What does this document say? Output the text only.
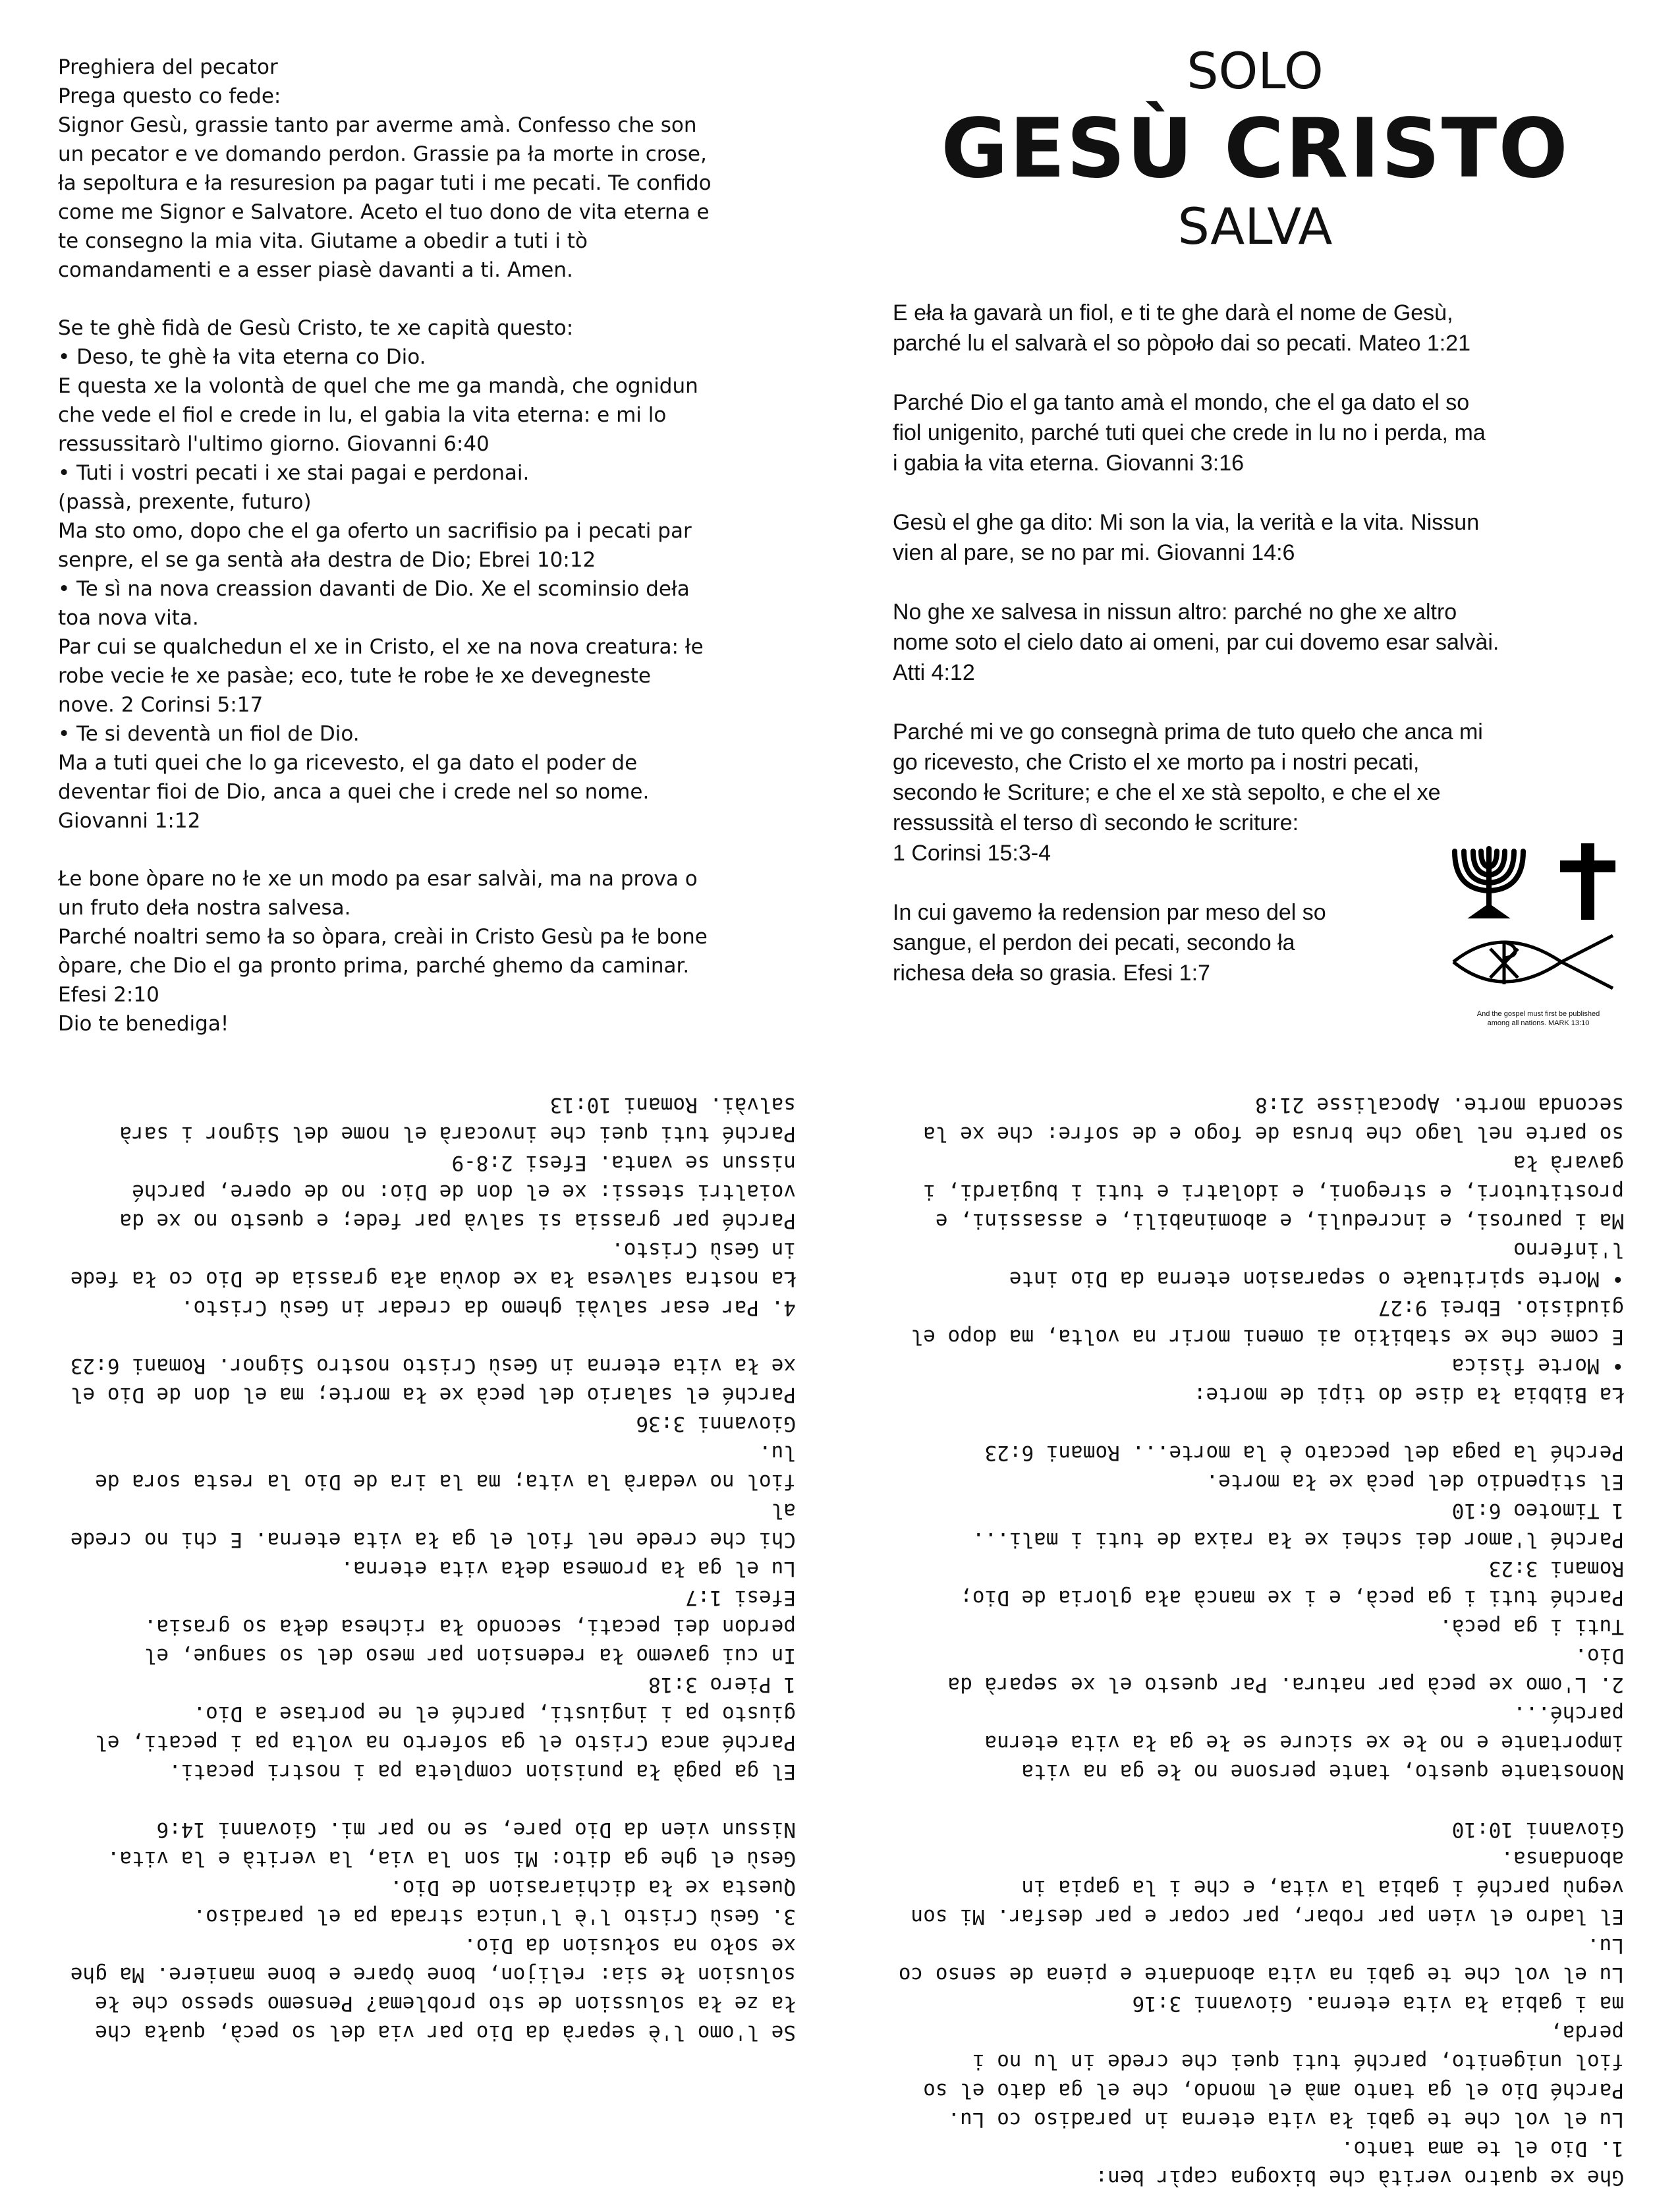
Preghiera del pecator
Prega questo co fede:
Signor Gesù, grassie tanto par averme amà. Confesso che son
un pecator e ve domando perdon. Grassie pa ła morte in crose,
ła sepoltura e ła resuresion pa pagar tuti i me pecati. Te confido
come me Signor e Salvatore. Aceto el tuo dono de vita eterna e
te consegno la mia vita. Giutame a obedir a tuti i tò
comandamenti e a esser piasè davanti a ti. Amen.
Se te ghè fidà de Gesù Cristo, te xe capità questo:
• Deso, te ghè ła vita eterna co Dio.
E questa xe la volontà de quel che me ga mandà, che ognidun
che vede el fiol e crede in lu, el gabia la vita eterna: e mi lo
ressussitarò l'ultimo giorno. Giovanni 6:40
• Tuti i vostri pecati i xe stai pagai e perdonai.
(passà, prexente, futuro)
Ma sto omo, dopo che el ga oferto un sacrifisio pa i pecati par
senpre, el se ga sentà ała destra de Dio; Ebrei 10:12
• Te sì na nova creassion davanti de Dio. Xe el scominsio deła
toa nova vita.
Par cui se qualchedun el xe in Cristo, el xe na nova creatura: łe
robe vecie łe xe pasàe; eco, tute łe robe łe xe devegneste
nove. 2 Corinsi 5:17
• Te si deventà un fiol de Dio.
Ma a tuti quei che lo ga ricevesto, el ga dato el poder de
deventar fioi de Dio, anca a quei che i crede nel so nome.
Giovanni 1:12
Łe bone òpare no łe xe un modo pa esar salvài, ma na prova o
un fruto deła nostra salvesa.
Parché noaltri semo ła so òpara, creài in Cristo Gesù pa łe bone
òpare, che Dio el ga pronto prima, parché ghemo da caminar.
Efesi 2:10
Dio te benediga!
SOLO
GESÙ CRISTO
SALVA
E eła ła gavarà un fiol, e ti te ghe darà el nome de Gesù,
parché lu el salvarà el so pòpoło dai so pecati. Mateo 1:21
Parché Dio el ga tanto amà el mondo, che el ga dato el so
fiol unigenito, parché tuti quei che crede in lu no i perda, ma
i gabia ła vita eterna. Giovanni 3:16
Gesù el ghe ga dito: Mi son la via, la verità e la vita. Nissun
vien al pare, se no par mi. Giovanni 14:6
No ghe xe salvesa in nissun altro: parché no ghe xe altro
nome soto el cielo dato ai omeni, par cui dovemo esar salvài.
Atti 4:12
Parché mi ve go consegnà prima de tuto queło che anca mi
go ricevesto, che Cristo el xe morto pa i nostri pecati,
secondo łe Scriture; e che el xe stà sepolto, e che el xe
ressussità el terso dì secondo łe scriture:
1 Corinsi 15:3-4
In cui gavemo ła redension par meso del so
sangue, el perdon dei pecati, secondo ła
richesa deła so grasia. Efesi 1:7
And the gospel must first be published
among all nations. MARK 13:10
Se l'omo l'è separà da Dio par via del so pecà, quała che
ła ze ła solussion de sto problema? Pensemo spesso che łe
solusion łe sia: relijon, bone òpare e bone maniere. Ma ghe
xe soło na sołusion da Dio.
3. Gesù Cristo l'è l'unica strada pa el paradiso.
Questa xe ła dichiarasion de Dio.
Gesù el ghe ga dito: Mi son la via, la verità e la vita.
Nissun vien da Dio pare, se no par mi. Giovanni 14:6
El ga pagà ła punision completa pa i nostri pecati.
Parché anca Cristo el ga soferto na volta pa i pecati, el
giusto pa i ingiusti, parché el ne portase a Dio.
1 Piero 3:18
In cui gavemo ła redension par meso del so sangue, el
perdon dei pecati, secondo ła richesa deła so grasia.
Efesi 1:7
Lu el ga ła promesa deła vita eterna.
Chi che crede nel fiol el ga ła vita eterna. E chi no crede al
fiol no vedarà la vita; ma la ira de Dio la resta sora de lu.
Giovanni 3:36
Parché el salario del pecà xe ła morte; ma el don de Dio el
xe ła vita eterna in Gesù Cristo nostro Signor. Romani 6:23
4. Par esar salvài ghemo da credar in Gesù Cristo.
Ła nostra salvesa ła xe dovùa ała grassia de Dio co ła fede
in Gesù Cristo.
Parché par grassia si salvà par fede; e questo no xe da
voialtri stessi: xe el don de Dio: no de opere, parché
nissun se vanta. Efesi 2:8-9
Parché tuti quei che invocarà el nome del Signor i sarà
salvài. Romani 10:13
Ghe xe quatro verità che bixogna capìr ben:
1. Dio el te ama tanto.
Lu el vol che te gabi ła vita eterna in paradiso co Lu.
Parché Dio el ga tanto amà el mondo, che el ga dato el so
fiol unigenito, parché tuti quei che crede in lu no i perda,
ma i gabia ła vita eterna. Giovanni 3:16
Lu el vol che te gabi na vita abondante e piena de senso co
Lu.
El ladro el vien par robar, par copar e par desfar. Mi son
vegnù parché i gabia la vita, e che i la gapia in abondansa.
Giovanni 10:10
Nonostante questo, tante persone no łe ga na vita
importante e no łe xe sicure se łe ga ła vita eterna parché...
2. L'omo xe pecà par natura. Par questo el xe separà da Dio.
Tuti i ga pecà.
Parché tuti i ga pecà, e i xe mancà ała gloria de Dio;
Romani 3:23
Parché l'amor dei schei xe ła raixa de tuti i mali...
1 Timoteo 6:10
El stipendio del pecà xe ła morte.
Perché la paga del peccato è la morte... Romani 6:23
Ła Bibbia ła dise do tipi de morte:
• Morte fìsica
E come che xe stabiłio ai omeni morir na volta, ma dopo el
giudisio. Ebrei 9:27
• Morte spirituałe o separasion eterna da Dio inte l'inferno
Ma i paurosi, e increduli, e abominabili, e assassini, e
prostitutori, e stregoni, e idolatri e tuti i bugiardi, i gavarà ła
so parte nel lago che brusa de fogo e de sofre: che xe la
seconda morte. Apocalisse 21:8
